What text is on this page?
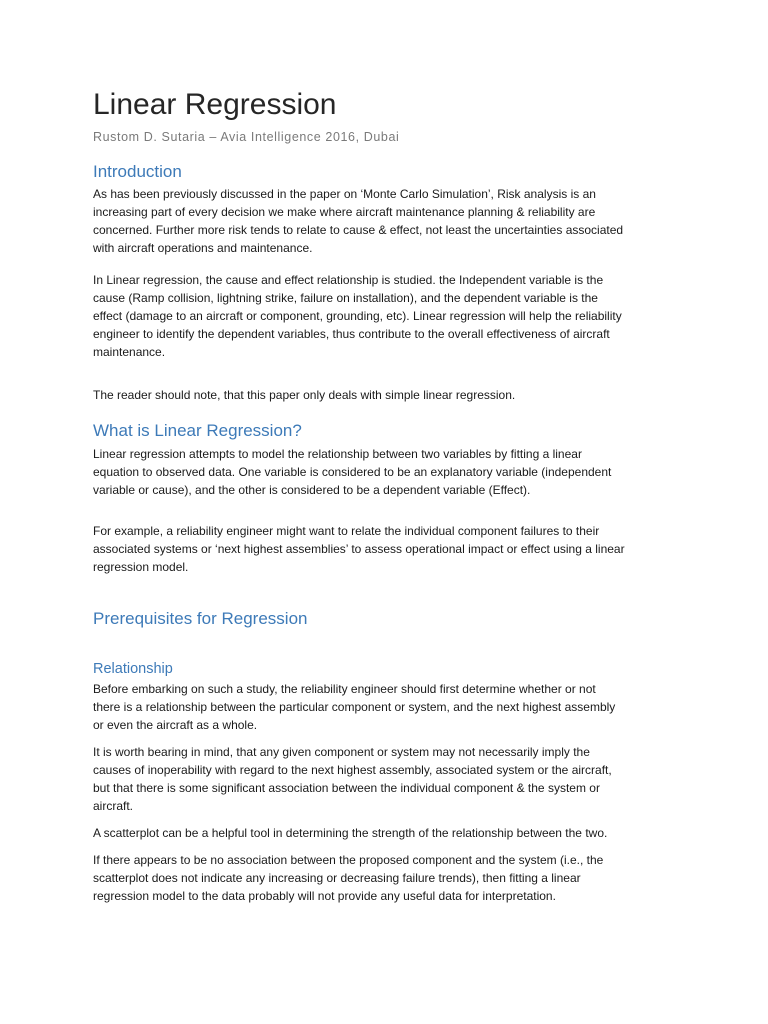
Linear Regression
Rustom D. Sutaria – Avia Intelligence 2016, Dubai
Introduction
As has been previously discussed in the paper on ‘Monte Carlo Simulation’, Risk analysis is an
increasing part of every decision we make where aircraft maintenance planning & reliability are
concerned. Further more risk tends to relate to cause & effect, not least the uncertainties associated
with aircraft operations and maintenance.
In Linear regression, the cause and effect relationship is studied. the Independent variable is the
cause (Ramp collision, lightning strike, failure on installation), and the dependent variable is the
effect (damage to an aircraft or component, grounding, etc). Linear regression will help the reliability
engineer to identify the dependent variables, thus contribute to the overall effectiveness of aircraft
maintenance.
The reader should note, that this paper only deals with simple linear regression.
What is Linear Regression?
Linear regression attempts to model the relationship between two variables by fitting a linear
equation to observed data. One variable is considered to be an explanatory variable (independent
variable or cause), and the other is considered to be a dependent variable (Effect).
For example, a reliability engineer might want to relate the individual component failures to their
associated systems or ‘next highest assemblies’ to assess operational impact or effect using a linear
regression model.
Prerequisites for Regression
Relationship
Before embarking on such a study, the reliability engineer should first determine whether or not
there is a relationship between the particular component or system, and the next highest assembly
or even the aircraft as a whole.
It is worth bearing in mind, that any given component or system may not necessarily imply the
causes of inoperability with regard to the next highest assembly, associated system or the aircraft,
but that there is some significant association between the individual component & the system or
aircraft.
A scatterplot can be a helpful tool in determining the strength of the relationship between the two.
If there appears to be no association between the proposed component and the system (i.e., the
scatterplot does not indicate any increasing or decreasing failure trends), then fitting a linear
regression model to the data probably will not provide any useful data for interpretation.
